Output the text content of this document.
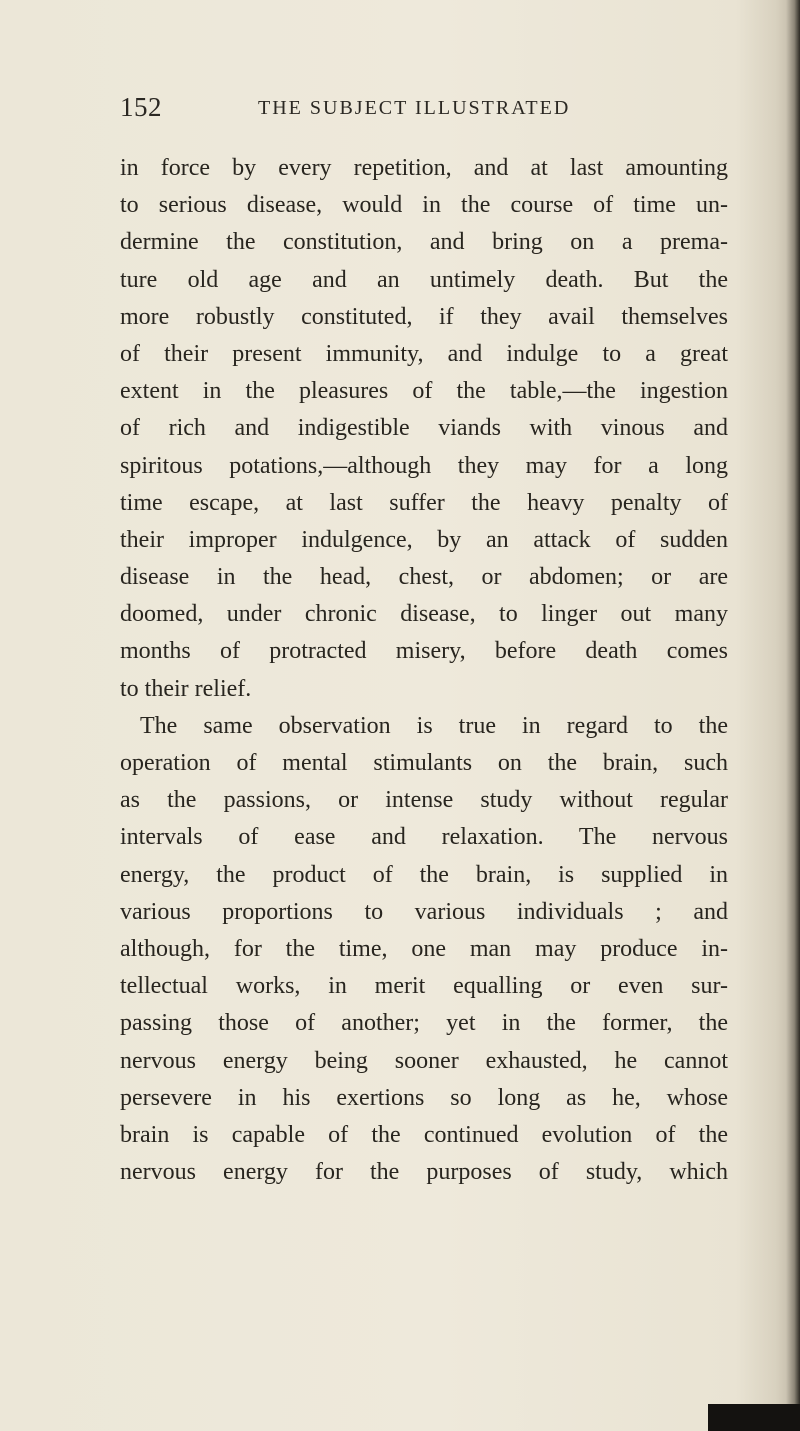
152	THE SUBJECT ILLUSTRATED
in force by every repetition, and at last amounting
to serious disease, would in the course of time un-
dermine the constitution, and bring on a prema-
ture old age and an untimely death. But the
more robustly constituted, if they avail themselves
of their present immunity, and indulge to a great
extent in the pleasures of the table,—the ingestion
of rich and indigestible viands with vinous and
spiritous potations,—although they may for a long
time escape, at last suffer the heavy penalty of
their improper indulgence, by an attack of sudden
disease in the head, chest, or abdomen; or are
doomed, under chronic disease, to linger out many
months of protracted misery, before death comes
to their relief.
The same observation is true in regard to the
operation of mental stimulants on the brain, such
as the passions, or intense study without regular
intervals of ease and relaxation. The nervous
energy, the product of the brain, is supplied in
various proportions to various individuals ; and
although, for the time, one man may produce in-
tellectual works, in merit equalling or even sur-
passing those of another; yet in the former, the
nervous energy being sooner exhausted, he cannot
persevere in his exertions so long as he, whose
brain is capable of the continued evolution of the
nervous energy for the purposes of study, which
